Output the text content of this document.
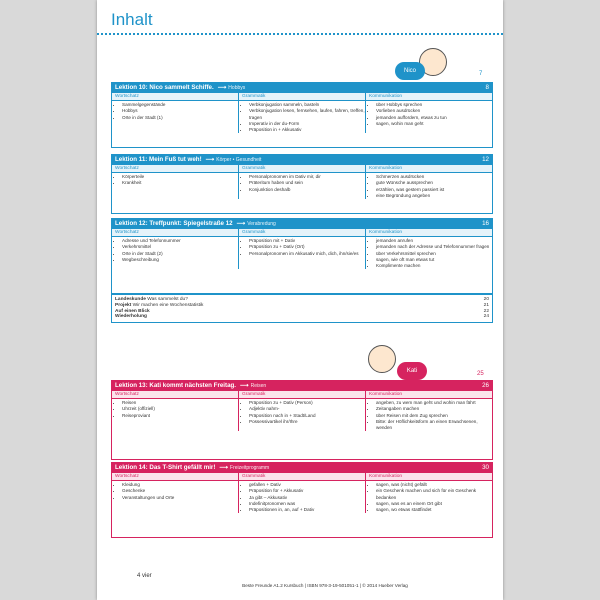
Inhalt
Nico	7
Lektion 10: Nico sammelt Schiffe. ⟶ Hobbys	8
Wortschatz
• Sammelgegenstände
• Hobbys
• Orte in der Stadt (1)
Grammatik
• Verbkonjugation sammeln, basteln
• Verbkonjugation lesen, fernsehen, laufen, fahren, treffen, tragen
• Imperativ in der du-Form
• Präposition in + Akkusativ
Kommunikation
• über Hobbys sprechen
• Vorlieben ausdrücken
• jemanden auffordern, etwas zu tun
• sagen, wohin man geht
Lektion 11: Mein Fuß tut weh! ⟶ Körper • Gesundheit	12
Wortschatz
• Körperteile
• Krankheit
Grammatik
• Personalpronomen im Dativ mir, dir
• Präteritum haben und sein
• Konjunktion deshalb
Kommunikation
• Schmerzen ausdrücken
• gute Wünsche aussprechen
• erzählen, was gestern passiert ist
• eine Begründung angeben
Lektion 12: Treffpunkt: Spiegelstraße 12 ⟶ Verabredung	16
Wortschatz
• Adresse und Telefonnummer
• Verkehrsmittel
• Orte in der Stadt (2)
• Wegbeschreibung
Grammatik
• Präposition mit + Dativ
• Präposition zu + Dativ (Ort)
• Personalpronomen im Akkusativ mich, dich, ihn/sie/es
Kommunikation
• jemanden anrufen
• jemanden nach der Adresse und Telefonnummer fragen
• über Verkehrsmittel sprechen
• sagen, wie oft man etwas tut
• Komplimente machen
Lektion 13: Kati kommt nächsten Freitag. ⟶ Reisen	26
Wortschatz
• Reisen
• Uhrzeit (offiziell)
• Reiseproviant
Grammatik
• Präposition zu + Dativ (Person)
• Adjektiv nahm-
• Präposition nach in + Stadt/Land
• Possessivartikel ihr/Ihre
Kommunikation
• angeben, zu wem man geht und wohin man fährt
• Zeitangaben machen
• über Reisen mit dem Zug sprechen
• Bitte: der Höflichkeitsform an einen Erwachsenen, wenden
Lektion 14: Das T-Shirt gefällt mir! ⟶ Freizeitprogramm	30
Wortschatz
• Kleidung
• Geschenke
• Veranstaltungen und Orte
Grammatik
• gefallen + Dativ
• Präposition für + Akkusativ
• Ja gibt – Akkusativ
• Indefinitpronomen was
• Präpositionen in, an, auf + Dativ
Kommunikation
• sagen, was (nicht) gefällt
• ein Geschenk machen und sich für ein Geschenk bedanken
• sagen, was es an einem Ort gibt
• sagen, wo etwas stattfindet
Landeskunde Was sammelst du?	20
Projekt Wir machen eine Wochenstatistik	21
Auf einen Blick	22
Wiederholung	24
Kati	25
4 vier
Beste Freunde A1.2 Kursbuch | ISBN 978-3-19-501051-1 | © 2014 Hueber Verlag
